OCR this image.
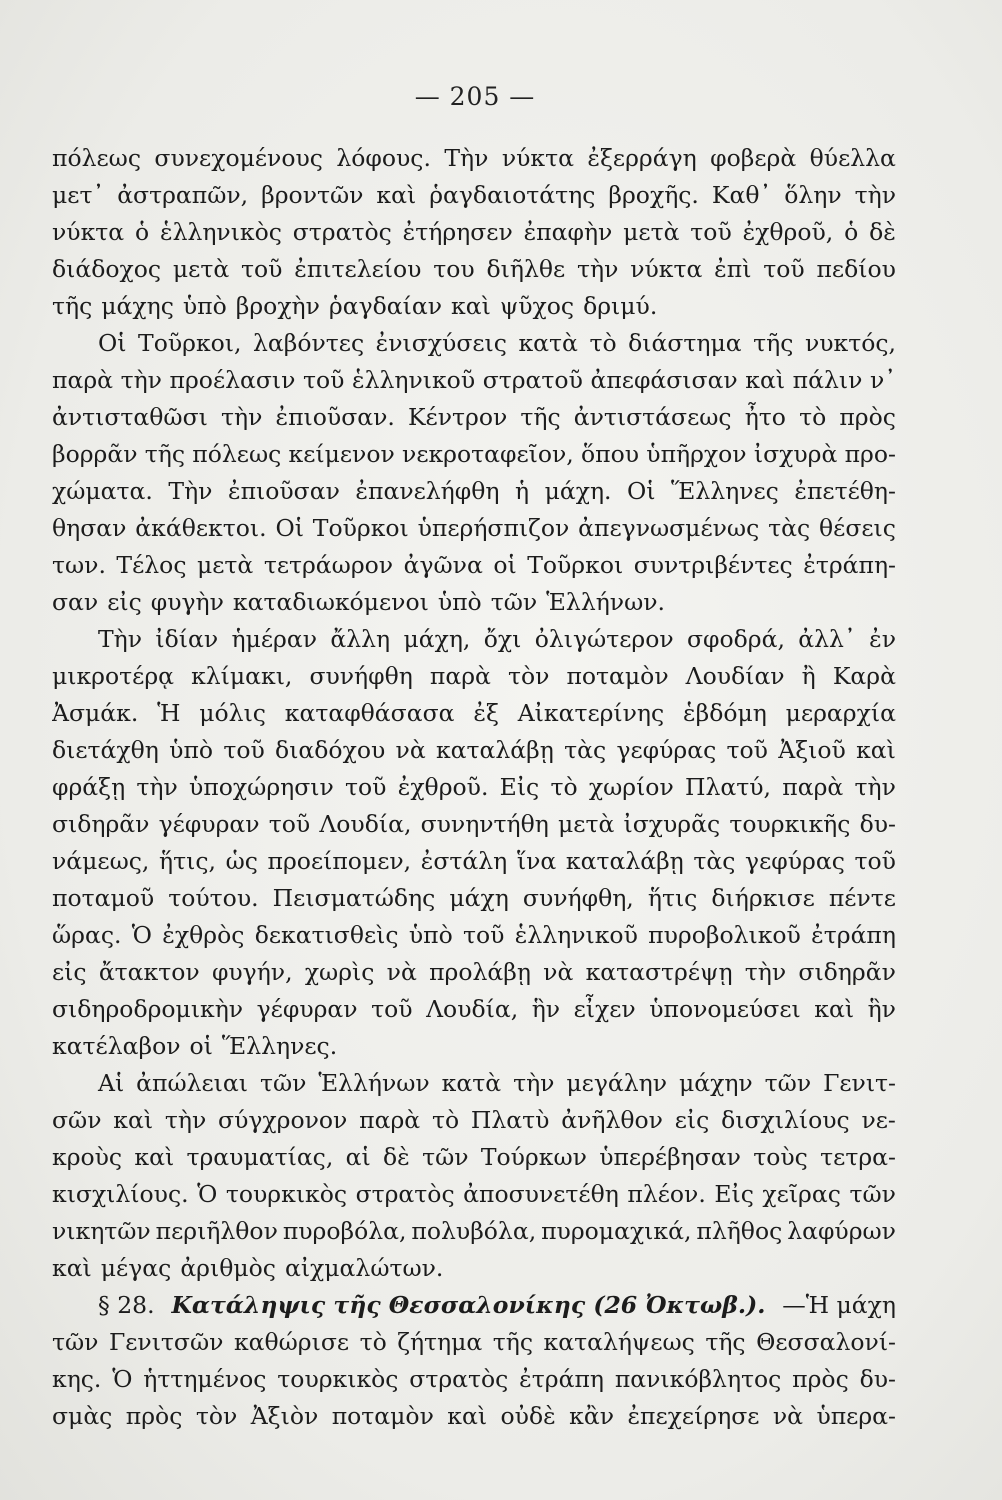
— 205 —
πόλεως συνεχομένους λόφους. Τὴν νύκτα ἐξερράγη φοβερὰ θύελλα
μετ᾽ ἀστραπῶν, βροντῶν καὶ ῥαγδαιοτάτης βροχῆς. Καθ᾽ ὅλην τὴν
νύκτα ὁ ἑλληνικὸς στρατὸς ἐτήρησεν ἐπαφὴν μετὰ τοῦ ἐχθροῦ, ὁ δὲ
διάδοχος μετὰ τοῦ ἐπιτελείου του διῆλθε τὴν νύκτα ἐπὶ τοῦ πεδίου
τῆς μάχης ὑπὸ βροχὴν ῥαγδαίαν καὶ ψῦχος δριμύ.
Οἱ Τοῦρκοι, λαβόντες ἐνισχύσεις κατὰ τὸ διάστημα τῆς νυκτός,
παρὰ τὴν προέλασιν τοῦ ἑλληνικοῦ στρατοῦ ἀπεφάσισαν καὶ πάλιν ν᾽
ἀντισταθῶσι τὴν ἐπιοῦσαν. Κέντρον τῆς ἀντιστάσεως ἦτο τὸ πρὸς
βορρᾶν τῆς πόλεως κείμενον νεκροταφεῖον, ὅπου ὑπῆρχον ἰσχυρὰ προ-
χώματα. Τὴν ἐπιοῦσαν ἐπανελήφθη ἡ μάχη. Οἱ Ἕλληνες ἐπετέθη-
θησαν ἀκάθεκτοι. Οἱ Τοῦρκοι ὑπερήσπιζον ἀπεγνωσμένως τὰς θέσεις
των. Τέλος μετὰ τετράωρον ἀγῶνα οἱ Τοῦρκοι συντριβέντες ἐτράπη-
σαν εἰς φυγὴν καταδιωκόμενοι ὑπὸ τῶν Ἑλλήνων.
Τὴν ἰδίαν ἡμέραν ἄλλη μάχη, ὄχι ὀλιγώτερον σφοδρά, ἀλλ᾽ ἐν
μικροτέρᾳ κλίμακι, συνήφθη παρὰ τὸν ποταμὸν Λουδίαν ἢ Καρὰ
Ἀσμάκ. Ἡ μόλις καταφθάσασα ἐξ Αἰκατερίνης ἑβδόμη μεραρχία
διετάχθη ὑπὸ τοῦ διαδόχου νὰ καταλάβῃ τὰς γεφύρας τοῦ Ἀξιοῦ καὶ
φράξῃ τὴν ὑποχώρησιν τοῦ ἐχθροῦ. Εἰς τὸ χωρίον Πλατύ, παρὰ τὴν
σιδηρᾶν γέφυραν τοῦ Λουδία, συνηντήθη μετὰ ἰσχυρᾶς τουρκικῆς δυ-
νάμεως, ἥτις, ὡς προείπομεν, ἐστάλη ἵνα καταλάβῃ τὰς γεφύρας τοῦ
ποταμοῦ τούτου. Πεισματώδης μάχη συνήφθη, ἥτις διήρκισε πέντε
ὥρας. Ὁ ἐχθρὸς δεκατισθεὶς ὑπὸ τοῦ ἑλληνικοῦ πυροβολικοῦ ἐτράπη
εἰς ἄτακτον φυγήν, χωρὶς νὰ προλάβῃ νὰ καταστρέψῃ τὴν σιδηρᾶν
σιδηροδρομικὴν γέφυραν τοῦ Λουδία, ἣν εἶχεν ὑπονομεύσει καὶ ἣν
κατέλαβον οἱ Ἕλληνες.
Αἱ ἀπώλειαι τῶν Ἑλλήνων κατὰ τὴν μεγάλην μάχην τῶν Γενιτ-
σῶν καὶ τὴν σύγχρονον παρὰ τὸ Πλατὺ ἀνῆλθον εἰς δισχιλίους νε-
κροὺς καὶ τραυματίας, αἱ δὲ τῶν Τούρκων ὑπερέβησαν τοὺς τετρα-
κισχιλίους. Ὁ τουρκικὸς στρατὸς ἀποσυνετέθη πλέον. Εἰς χεῖρας τῶν
νικητῶν περιῆλθον πυροβόλα, πολυβόλα, πυρομαχικά, πλῆθος λαφύρων
καὶ μέγας ἀριθμὸς αἰχμαλώτων.
§ 28. Κατάληψις τῆς Θεσσαλονίκης (26 Ὀκτωβ.). —Ἡ μάχη
τῶν Γενιτσῶν καθώρισε τὸ ζήτημα τῆς καταλήψεως τῆς Θεσσαλονί-
κης. Ὁ ἡττημένος τουρκικὸς στρατὸς ἐτράπη πανικόβλητος πρὸς δυ-
σμὰς πρὸς τὸν Ἀξιὸν ποταμὸν καὶ οὐδὲ κἂν ἐπεχείρησε νὰ ὑπερα-
